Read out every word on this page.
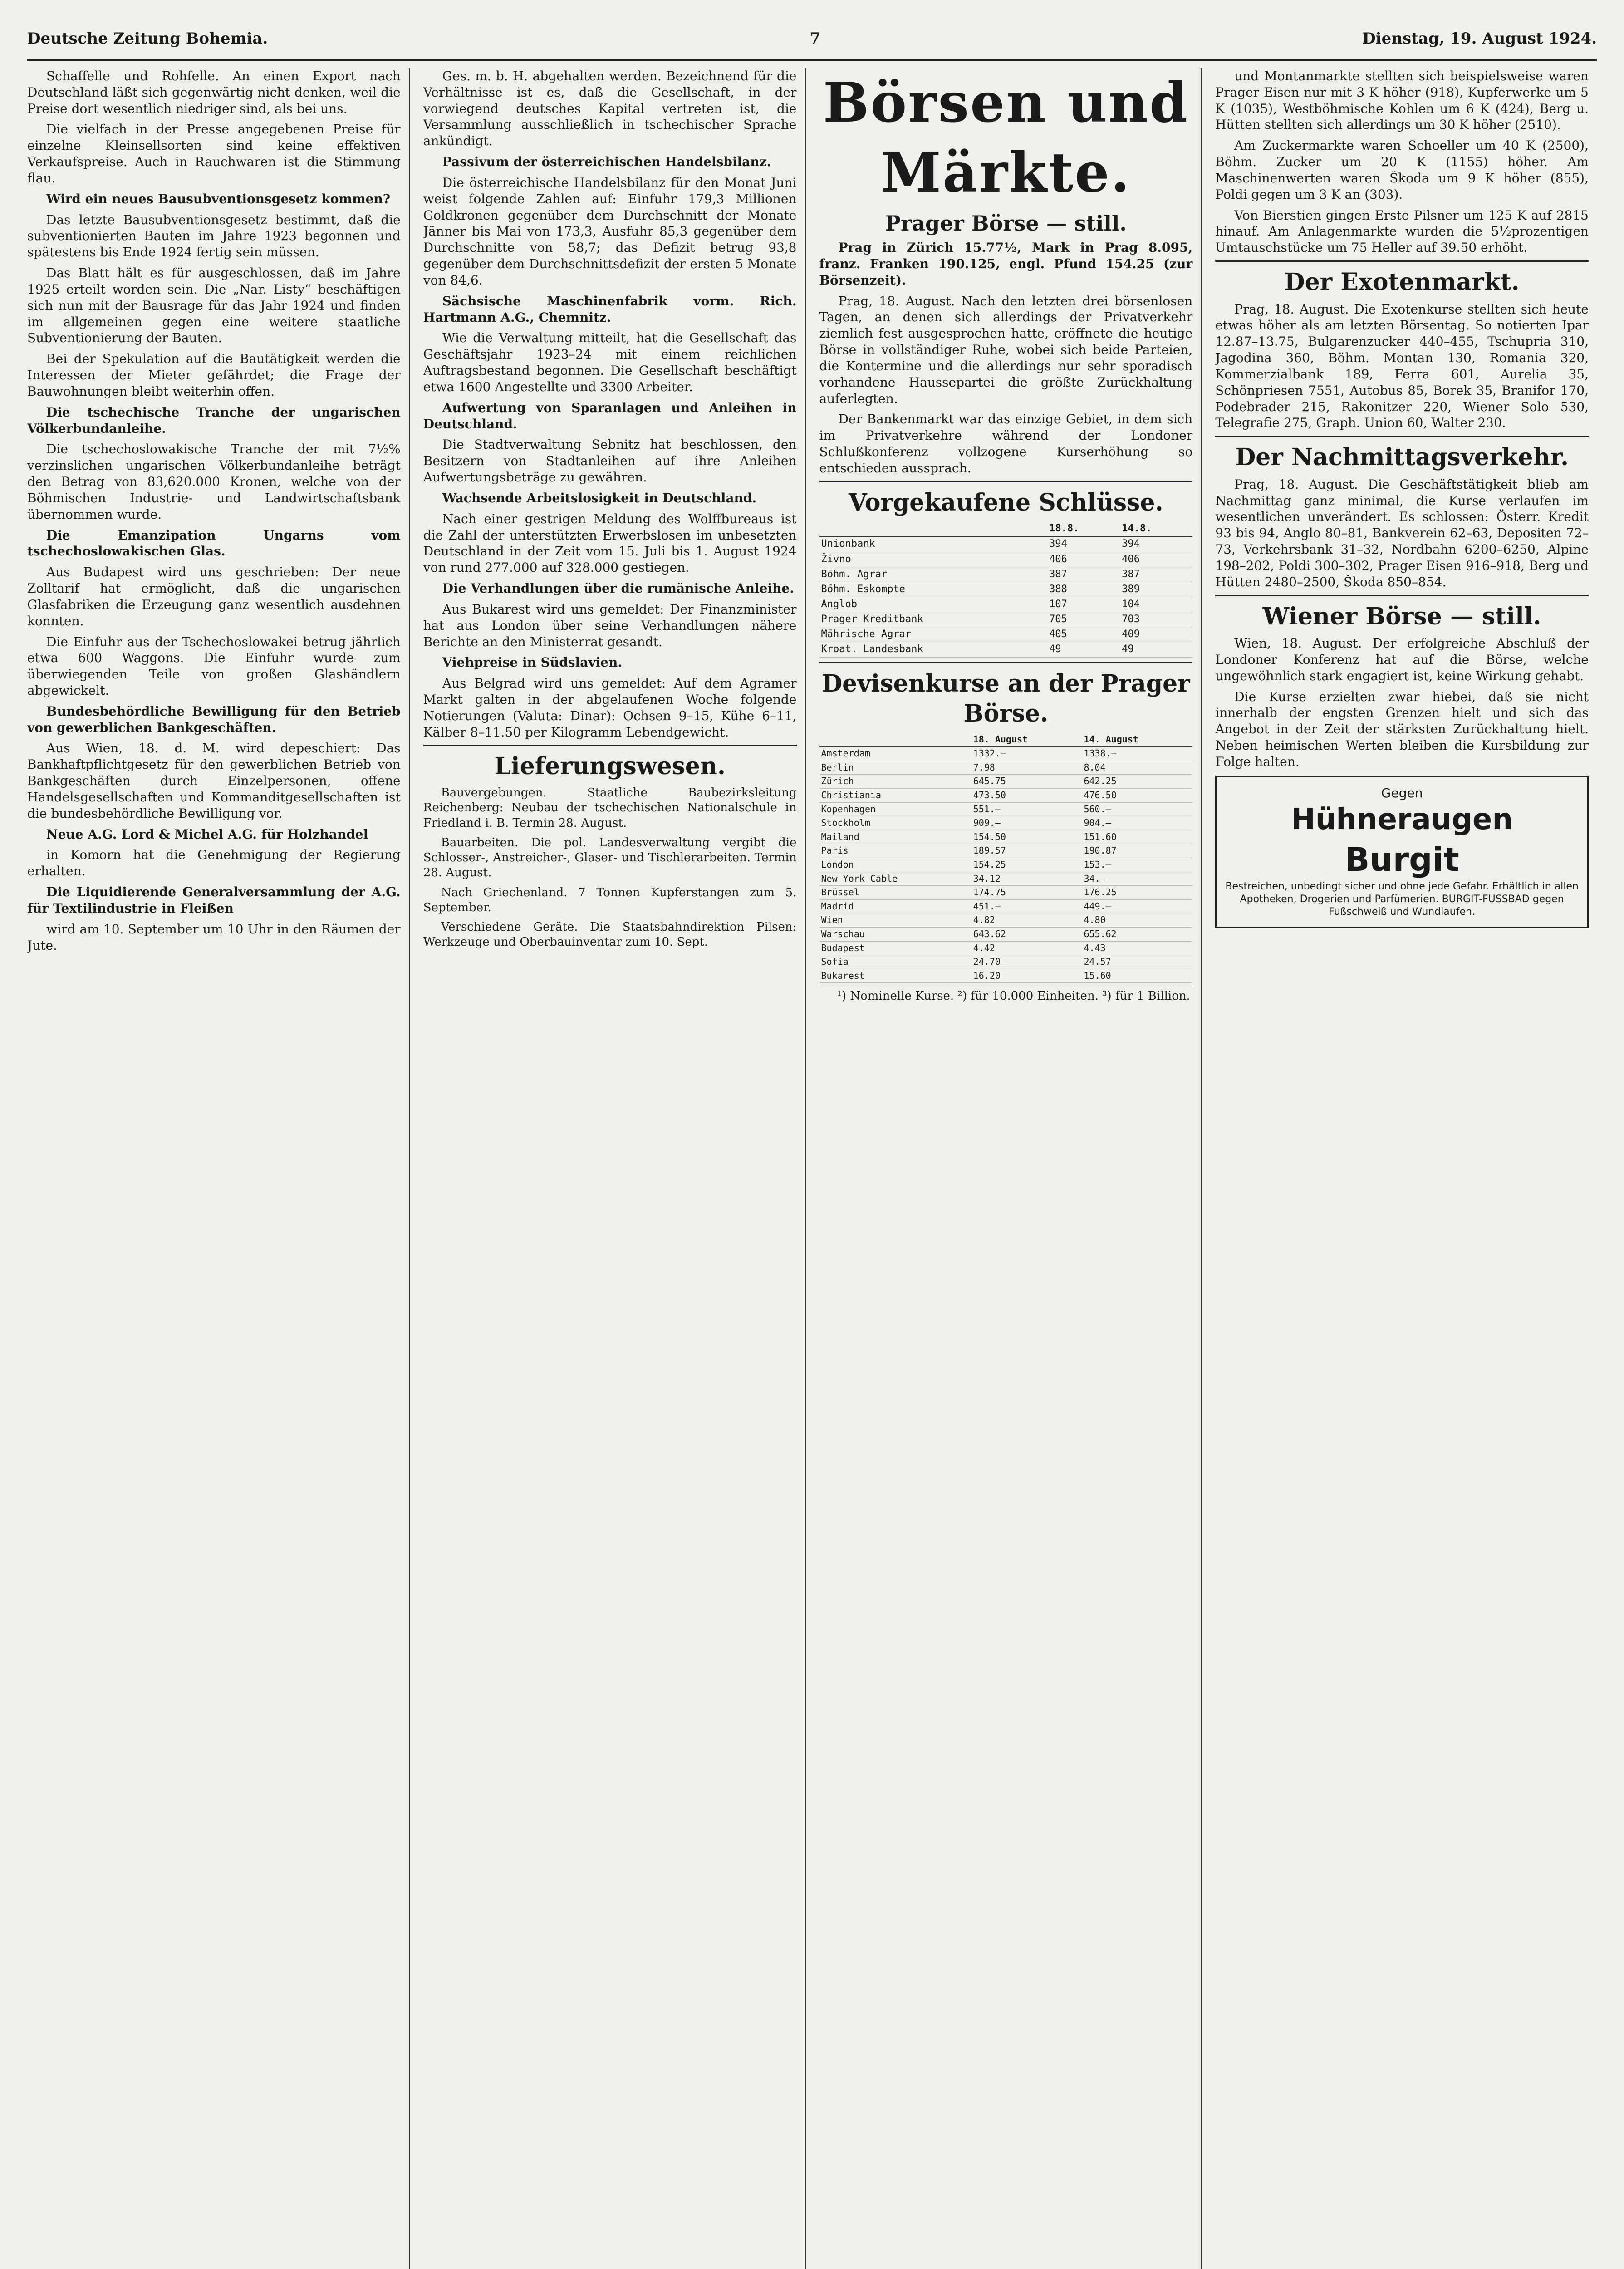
Deutsche Zeitung Bohemia.	7	Dienstag, 19. August 1924.

Schaffelle und Rohfelle. An einen Export nach Deutschland läßt sich gegenwärtig nicht denken, weil die Preise dort wesentlich niedriger sind, als bei uns.

Die vielfach in der Presse angegebenen Preise für einzelne Kleinsellsorten sind keine effektiven Verkaufspreise. Auch in Rauchwaren ist die Stimmung flau.

Wird ein neues Bausubventionsgesetz kommen?

Das letzte Bausubventionsgesetz bestimmt, daß die subventionierten Bauten im Jahre 1923 begonnen und spätestens bis Ende 1924 fertig sein müssen.

Das Blatt hält es für ausgeschlossen, daß im Jahre 1925 erteilt worden sein. Die „Nar. Listy“ beschäftigen sich nun mit der Bausrage für das Jahr 1924 und finden im allgemeinen gegen eine weitere staatliche Subventionierung der Bauten.

Bei der Spekulation auf die Bautätigkeit werden die Interessen der Mieter gefährdet; die Frage der Bauwohnungen bleibt weiterhin offen.

Die tschechische Tranche der ungarischen Völkerbundanleihe.

Die tschechoslowakische Tranche der mit 7½% verzinslichen ungarischen Völkerbundanleihe beträgt den Betrag von 83,620.000 Kronen, welche von der Böhmischen Industrie- und Landwirtschaftsbank übernommen wurde.

Die Emanzipation Ungarns vom tschechoslowakischen Glas.

Aus Budapest wird uns geschrieben: Der neue Zolltarif hat ermöglicht, daß die ungarischen Glasfabriken die Erzeugung ganz wesentlich ausdehnen konnten.

Die Einfuhr aus der Tschechoslowakei betrug jährlich etwa 600 Waggons. Die Einfuhr wurde zum überwiegenden Teile von großen Glashändlern abgewickelt.

Bundesbehördliche Bewilligung für den Betrieb von gewerblichen Bankgeschäften.

Aus Wien, 18. d. M. wird depeschiert: Das Bankhaftpflichtgesetz für den gewerblichen Betrieb von Bankgeschäften durch Einzelpersonen, offene Handelsgesellschaften und Kommanditgesellschaften ist die bundesbehördliche Bewilligung vor.

Neue A.G. Lord & Michel A.G. für Holzhandel

in Komorn hat die Genehmigung der Regierung erhalten.

Die Liquidierende Generalversammlung der A.G. für Textilindustrie in Fleißen

wird am 10. September um 10 Uhr in den Räumen der Jute.

Ges. m. b. H. abgehalten werden. Bezeichnend für die Verhältnisse ist es, daß die Gesellschaft, in der vorwiegend deutsches Kapital vertreten ist, die Versammlung ausschließlich in tschechischer Sprache ankündigt.

Passivum der österreichischen Handelsbilanz.

Die österreichische Handelsbilanz für den Monat Juni weist folgende Zahlen auf: Einfuhr 179,3 Millionen Goldkronen gegenüber dem Durchschnitt der Monate Jänner bis Mai von 173,3, Ausfuhr 85,3 gegenüber dem Durchschnitte von 58,7; das Defizit betrug 93,8 gegenüber dem Durchschnittsdefizit der ersten 5 Monate von 84,6.

Sächsische Maschinenfabrik vorm. Rich. Hartmann A.G., Chemnitz.

Wie die Verwaltung mitteilt, hat die Gesellschaft das Geschäftsjahr 1923–24 mit einem reichlichen Auftragsbestand begonnen. Die Gesellschaft beschäftigt etwa 1600 Angestellte und 3300 Arbeiter.

Aufwertung von Sparanlagen und Anleihen in Deutschland.

Die Stadtverwaltung Sebnitz hat beschlossen, den Besitzern von Stadtanleihen auf ihre Anleihen Aufwertungsbeträge zu gewähren.

Wachsende Arbeitslosigkeit in Deutschland.

Nach einer gestrigen Meldung des Wolffbureaus ist die Zahl der unterstützten Erwerbslosen im unbesetzten Deutschland in der Zeit vom 15. Juli bis 1. August 1924 von rund 277.000 auf 328.000 gestiegen.

Die Verhandlungen über die rumänische Anleihe.

Aus Bukarest wird uns gemeldet: Der Finanzminister hat aus London über seine Verhandlungen nähere Berichte an den Ministerrat gesandt.

Viehpreise in Südslavien.

Aus Belgrad wird uns gemeldet: Auf dem Agramer Markt galten in der abgelaufenen Woche folgende Notierungen (Valuta: Dinar): Ochsen 9–15, Kühe 6–11, Kälber 8–11.50 per Kilogramm Lebendgewicht.

Lieferungswesen.

Bauvergebungen. Staatliche Baubezirksleitung Reichenberg: Neubau der tschechischen Nationalschule in Friedland i. B. Termin 28. August.

Bauarbeiten. Die pol. Landesverwaltung vergibt die Schlosser-, Anstreicher-, Glaser- und Tischlerarbeiten. Termin 28. August.

Nach Griechenland. 7 Tonnen Kupferstangen zum 5. September.

Verschiedene Geräte. Die Staatsbahndirektion Pilsen: Werkzeuge und Oberbauinventar zum 10. Sept.

Börsen und Märkte.
Prager Börse — still.

Prag in Zürich 15.77½, Mark in Prag 8.095, franz. Franken 190.125, engl. Pfund 154.25 (zur Börsenzeit).

Prag, 18. August. Nach den letzten drei börsenlosen Tagen, an denen sich allerdings der Privatverkehr ziemlich fest ausgesprochen hatte, eröffnete die heutige Börse in vollständiger Ruhe, wobei sich beide Parteien, die Kontermine und die allerdings nur sehr sporadisch vorhandene Haussepartei die größte Zurückhaltung auferlegten.

Der Bankenmarkt war das einzige Gebiet, in dem sich im Privatverkehre während der Londoner Schlußkonferenz vollzogene Kurserhöhung so entschieden aussprach.

Vorgekaufene Schlüsse.
	18.8.	14.8.
Unionbank	394	394
Živno	406	406
Böhm. Agrar	387	387
Böhm. Eskompte	388	389
Anglob	107	104
Prager Kreditbank	705	703
Mährische Agrar	405	409
Kroat. Landesbank	49	49
Devisenkurse an der Prager Börse.
	18. August	14. August
Amsterdam	1332.—	1338.—
Berlin	7.98	8.04
Zürich	645.75	642.25
Christiania	473.50	476.50
Kopenhagen	551.—	560.—
Stockholm	909.—	904.—
Mailand	154.50	151.60
Paris	189.57	190.87
London	154.25	153.—
New York Cable	34.12	34.—
Brüssel	174.75	176.25
Madrid	451.—	449.—
Wien	4.82	4.80
Warschau	643.62	655.62
Budapest	4.42	4.43
Sofia	24.70	24.57
Bukarest	16.20	15.60

¹) Nominelle Kurse. ²) für 10.000 Einheiten. ³) für 1 Billion.

und Montanmarkte stellten sich beispielsweise waren Prager Eisen nur mit 3 K höher (918), Kupferwerke um 5 K (1035), Westböhmische Kohlen um 6 K (424), Berg u. Hütten stellten sich allerdings um 30 K höher (2510).

Am Zuckermarkte waren Schoeller um 40 K (2500), Böhm. Zucker um 20 K (1155) höher. Am Maschinenwerten waren Škoda um 9 K höher (855), Poldi gegen um 3 K an (303).

Von Bierstien gingen Erste Pilsner um 125 K auf 2815 hinauf. Am Anlagenmarkte wurden die 5½prozentigen Umtauschstücke um 75 Heller auf 39.50 erhöht.

Der Exotenmarkt.

Prag, 18. August. Die Exotenkurse stellten sich heute etwas höher als am letzten Börsentag. So notierten Ipar 12.87–13.75, Bulgarenzucker 440–455, Tschupria 310, Jagodina 360, Böhm. Montan 130, Romania 320, Kommerzialbank 189, Ferra 601, Aurelia 35, Schönpriesen 7551, Autobus 85, Borek 35, Branifor 170, Podebrader 215, Rakonitzer 220, Wiener Solo 530, Telegrafie 275, Graph. Union 60, Walter 230.

Der Nachmittagsverkehr.

Prag, 18. August. Die Geschäftstätigkeit blieb am Nachmittag ganz minimal, die Kurse verlaufen im wesentlichen unverändert. Es schlossen: Österr. Kredit 93 bis 94, Anglo 80–81, Bankverein 62–63, Depositen 72–73, Verkehrsbank 31–32, Nordbahn 6200–6250, Alpine 198–202, Poldi 300–302, Prager Eisen 916–918, Berg und Hütten 2480–2500, Škoda 850–854.

Wiener Börse — still.

Wien, 18. August. Der erfolgreiche Abschluß der Londoner Konferenz hat auf die Börse, welche ungewöhnlich stark engagiert ist, keine Wirkung gehabt.

Die Kurse erzielten zwar hiebei, daß sie nicht innerhalb der engsten Grenzen hielt und sich das Angebot in der Zeit der stärksten Zurückhaltung hielt. Neben heimischen Werten bleiben die Kursbildung zur Folge halten.

Gegen
Hühneraugen
Burgit
Bestreichen, unbedingt sicher und ohne jede Gefahr. Erhältlich in allen Apotheken, Drogerien und Parfümerien. BURGIT-FUSSBAD gegen Fußschweiß und Wundlaufen.
